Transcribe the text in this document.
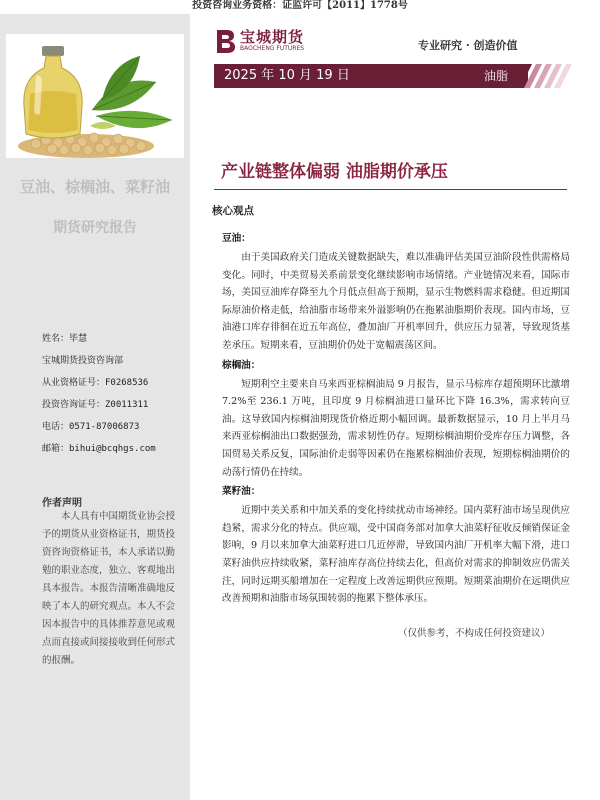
投资咨询业务资格：证监许可【2011】1778号
豆油、棕榈油、菜籽油
期货研究报告
姓名：毕慧
宝城期货投资咨询部
从业资格证号：F0268536
投资咨询证号：Z0011311
电话：0571-87006873
邮箱：bihui@bcqhgs.com
作者声明
本人具有中国期货业协会授予的期货从业资格证书，期货投资咨询资格证书，本人承诺以勤勉的职业态度，独立、客观地出具本报告。本报告清晰准确地反映了本人的研究观点。本人不会因本报告中的具体推荐意见或观点而直接或间接接收到任何形式的报酬。
宝城期货
BAOCHENG FUTURES	专业研究 · 创造价值
2025 年 10 月 19 日	油脂
产业链整体偏弱 油脂期价承压
核心观点
豆油：

由于美国政府关门造成关键数据缺失，难以准确评估美国豆油阶段性供需格局变化。同时，中美贸易关系前景变化继续影响市场情绪。产业链情况来看，国际市场，美国豆油库存降至九个月低点但高于预期，显示生物燃料需求稳健。但近期国际原油价格走低，给油脂市场带来外溢影响仍在拖累油脂期价表现。国内市场，豆油港口库存徘徊在近五年高位，叠加油厂开机率回升，供应压力显著，导致现货基差承压。短期来看，豆油期价仍处于宽幅震荡区间。

棕榈油：

短期利空主要来自马来西亚棕榈油局 9 月报告，显示马棕库存超预期环比激增 7.2%至 236.1 万吨，且印度 9 月棕榈油进口量环比下降 16.3%，需求转向豆油。这导致国内棕榈油期现货价格近期小幅回调。最新数据显示，10 月上半月马来西亚棕榈油出口数据强劲，需求韧性仍存。短期棕榈油期价受库存压力调整，各国贸易关系反复，国际油价走弱等因素仍在拖累棕榈油价表现，短期棕榈油期价的动荡行情仍在持续。

菜籽油：

近期中美关系和中加关系的变化持续扰动市场神经。国内菜籽油市场呈现供应趋紧，需求分化的特点。供应端，受中国商务部对加拿大油菜籽征收反倾销保证金影响，9 月以来加拿大油菜籽进口几近停滞，导致国内油厂开机率大幅下滑，进口菜籽油供应持续收紧，菜籽油库存高位持续去化，但高价对需求的抑制效应仍需关注，同时远期买船增加在一定程度上改善远期供应预期。短期菜油期价在远期供应改善预期和油脂市场氛围转弱的拖累下整体承压。

（仅供参考，不构成任何投资建议）
